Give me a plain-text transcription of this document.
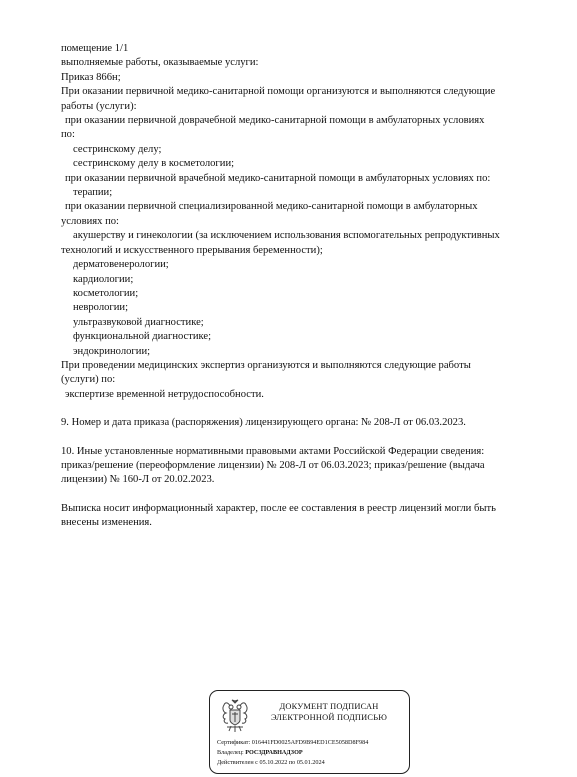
помещение 1/1

выполняемые работы, оказываемые услуги:

Приказ 866н;

При оказании первичной медико-санитарной помощи организуются и выполняются следующие

работы (услуги):

при оказании первичной доврачебной медико-санитарной помощи в амбулаторных условиях

по:

сестринскому делу;

сестринскому делу в косметологии;

при оказании первичной врачебной медико-санитарной помощи в амбулаторных условиях по:

терапии;

при оказании первичной специализированной медико-санитарной помощи в амбулаторных

условиях по:

акушерству и гинекологии (за исключением использования вспомогательных репродуктивных

технологий и искусственного прерывания беременности);

дерматовенерологии;

кардиологии;

косметологии;

неврологии;

ультразвуковой диагностике;

функциональной диагностике;

эндокринологии;

При проведении медицинских экспертиз организуются и выполняются следующие работы

(услуги) по:

экспертизе временной нетрудоспособности.

9. Номер и дата приказа (распоряжения) лицензирующего органа: № 208-Л от 06.03.2023.

10. Иные установленные нормативными правовыми актами Российской Федерации сведения:

приказ/решение (переоформление лицензии) № 208-Л от 06.03.2023; приказ/решение (выдача

лицензии) № 160-Л от 20.02.2023.

Выписка носит информационный характер, после ее составления в реестр лицензий могли быть

внесены изменения.

ДОКУМЕНТ ПОДПИСАН
ЭЛЕКТРОННОЙ ПОДПИСЬЮ
Сертификат: 016441FD0025AFD9B94ED1CE5058D8F984
Владелец: РОСЗДРАВНАДЗОР
Действителен с 05.10.2022 по 05.01.2024
